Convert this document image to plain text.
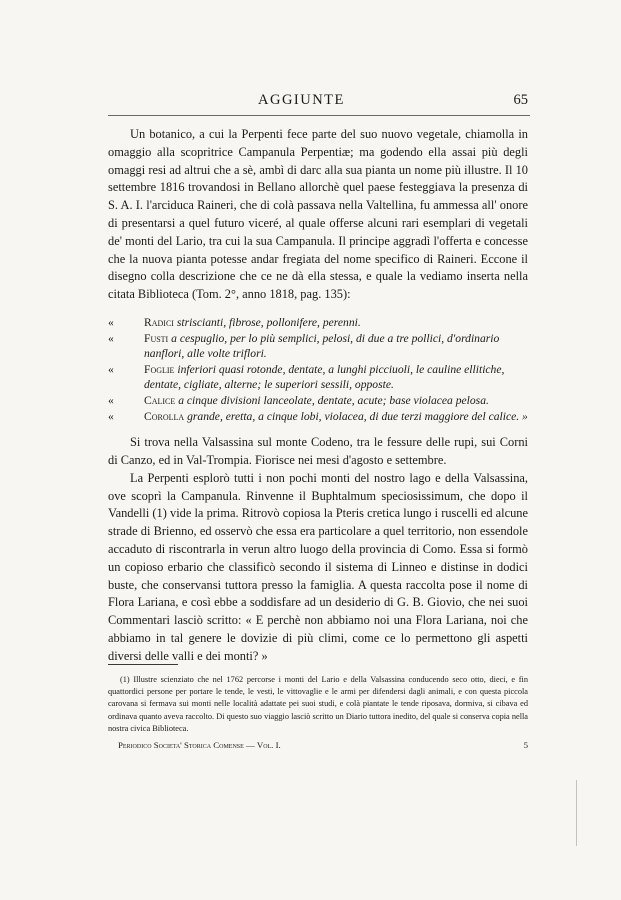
AGGIUNTE	65

Un botanico, a cui la Perpenti fece parte del suo nuovo vegetale, chiamolla in omaggio alla scopritrice Campanula Perpentiæ; ma godendo ella assai più degli omaggi resi ad altrui che a sè, ambì di darc alla sua pianta un nome più illustre. Il 10 settembre 1816 trovandosi in Bellano allorchè quel paese festeggiava la presenza di S. A. I. l'arciduca Raineri, che di colà passava nella Valtellina, fu ammessa all' onore di presentarsi a quel futuro viceré, al quale offerse alcuni rari esemplari di vegetali de' monti del Lario, tra cui la sua Campanula. Il principe aggradì l'offerta e concesse che la nuova pianta potesse andar fregiata del nome specifico di Raineri. Eccone il disegno colla descrizione che ce ne dà ella stessa, e quale la vediamo inserta nella citata Biblioteca (Tom. 2°, anno 1818, pag. 135):

«	Radici striscianti, fibrose, pollonifere, perenni.
«	Fusti a cespuglio, per lo più semplici, pelosi, di due a tre pollici, d'ordinario nanflori, alle volte triflori.
«	Foglie inferiori quasi rotonde, dentate, a lunghi picciuoli, le cauline ellitiche, dentate, cigliate, alterne; le superiori sessili, opposte.
«	Calice a cinque divisioni lanceolate, dentate, acute; base violacea pelosa.
«	Corolla grande, eretta, a cinque lobi, violacea, di due terzi maggiore del calice. »

Si trova nella Valsassina sul monte Codeno, tra le fessure delle rupi, sui Corni di Canzo, ed in Val-Trompia. Fiorisce nei mesi d'agosto e settembre.

La Perpenti esplorò tutti i non pochi monti del nostro lago e della Valsassina, ove scoprì la Campanula. Rinvenne il Buphtalmum speciosissimum, che dopo il Vandelli (1) vide la prima. Ritrovò copiosa la Pteris cretica lungo i ruscelli ed alcune strade di Brienno, ed osservò che essa era particolare a quel territorio, non essendole accaduto di riscontrarla in verun altro luogo della provincia di Como. Essa si formò un copioso erbario che classificò secondo il sistema di Linneo e distinse in dodici buste, che conservansi tuttora presso la famiglia. A questa raccolta pose il nome di Flora Lariana, e così ebbe a soddisfare ad un desiderio di G. B. Giovio, che nei suoi Commentari lasciò scritto: « E perchè non abbiamo noi una Flora Lariana, noi che abbiamo in tal genere le dovizie di più climi, come ce lo permettono gli aspetti diversi delle valli e dei monti? »

(1) Illustre scienziato che nel 1762 percorse i monti del Lario e della Valsassina conducendo seco otto, dieci, e fin quattordici persone per portare le tende, le vesti, le vittovaglie e le armi per difendersi dagli animali, e con questa piccola carovana si fermava sui monti nelle località adattate pei suoi studi, e colà piantate le tende riposava, dormiva, si cibava ed ordinava quanto aveva raccolto. Di questo suo viaggio lasciò scritto un Diario tuttora inedito, del quale si conserva copia nella nostra civica Biblioteca.

Periodico Societa' Storica Comense — Vol. I.	5
